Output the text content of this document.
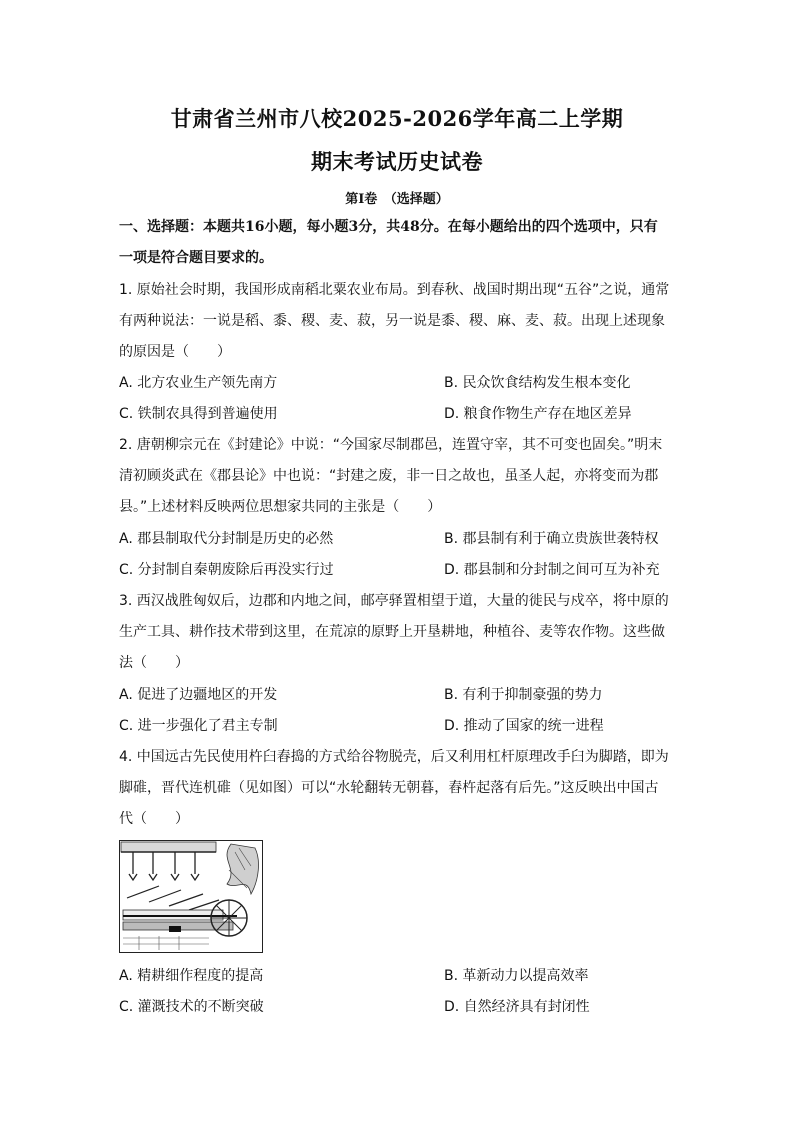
甘肃省兰州市八校2025-2026学年高二上学期
期末考试历史试卷
第Ⅰ卷　（选择题）
一、选择题：本题共16小题，每小题3分，共48分。在每小题给出的四个选项中，只有
一项是符合题目要求的。
1. 原始社会时期，我国形成南稻北粟农业布局。到春秋、战国时期出现“五谷”之说，通常
有两种说法：一说是稻、黍、稷、麦、菽，另一说是黍、稷、麻、麦、菽。出现上述现象
的原因是（　　）
A. 北方农业生产领先南方	B. 民众饮食结构发生根本变化
C. 铁制农具得到普遍使用	D. 粮食作物生产存在地区差异
2. 唐朝柳宗元在《封建论》中说：“今国家尽制郡邑，连置守宰，其不可变也固矣。”明末
清初顾炎武在《郡县论》中也说：“封建之废，非一日之故也，虽圣人起，亦将变而为郡
县。”上述材料反映两位思想家共同的主张是（　　）
A. 郡县制取代分封制是历史的必然	B. 郡县制有利于确立贵族世袭特权
C. 分封制自秦朝废除后再没实行过	D. 郡县制和分封制之间可互为补充
3. 西汉战胜匈奴后，边郡和内地之间，邮亭驿置相望于道，大量的徙民与戍卒，将中原的
生产工具、耕作技术带到这里，在荒凉的原野上开垦耕地，种植谷、麦等农作物。这些做
法（　　）
A. 促进了边疆地区的开发	B. 有利于抑制豪强的势力
C. 进一步强化了君主专制	D. 推动了国家的统一进程
4. 中国远古先民使用杵臼舂捣的方式给谷物脱壳，后又利用杠杆原理改手臼为脚踏，即为
脚碓，晋代连机碓（见如图）可以“水轮翻转无朝暮，舂杵起落有后先。”这反映出中国古
代（　　）
A. 精耕细作程度的提高	B. 革新动力以提高效率
C. 灌溉技术的不断突破	D. 自然经济具有封闭性
